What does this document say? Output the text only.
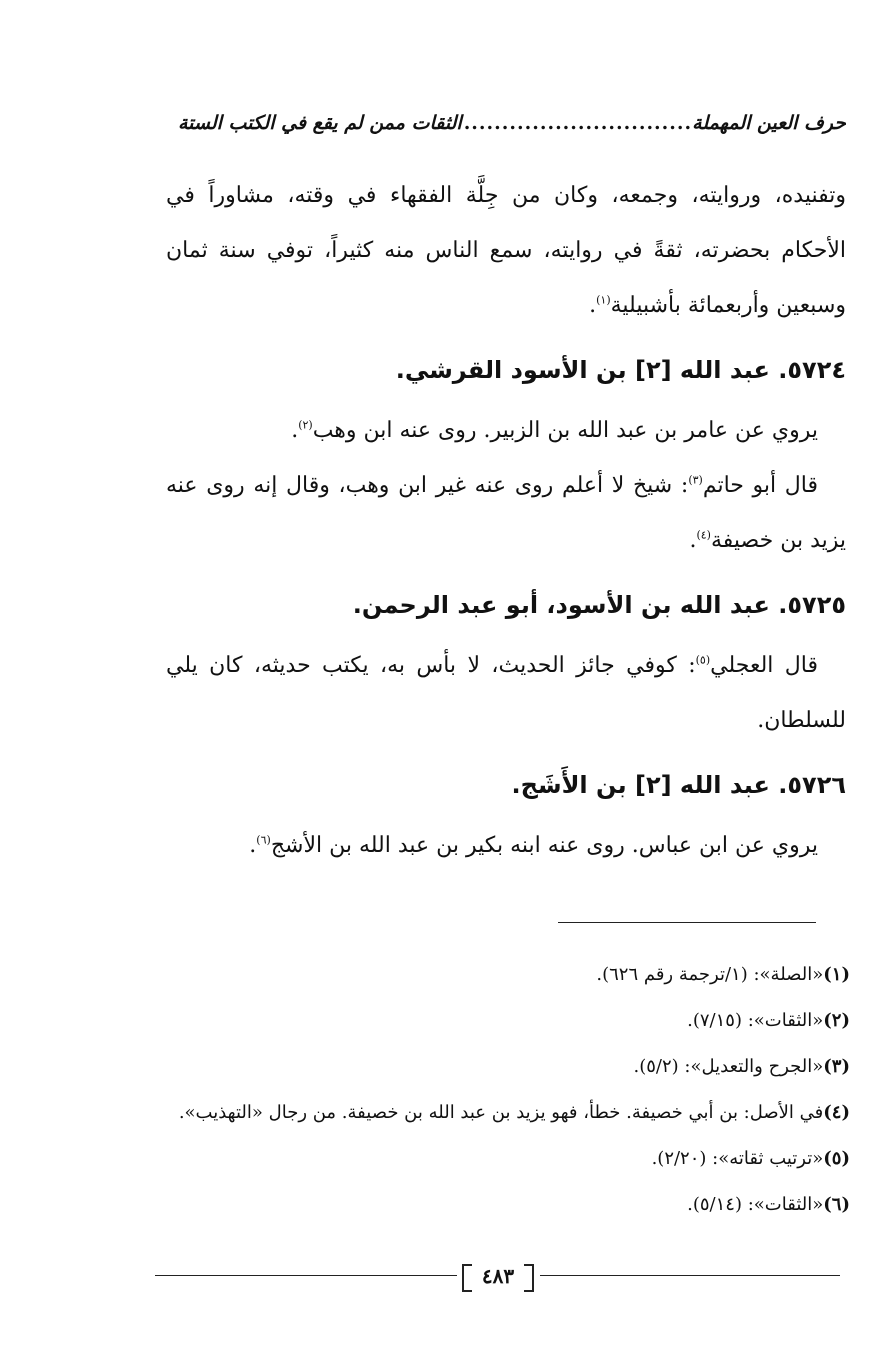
حرف العين المهملة
..............................
الثقات ممن لم يقع في الكتب الستة

وتفنيده، وروايته، وجمعه، وكان من جِلَّة الفقهاء في وقته، مشاوراً في الأحكام بحضرته، ثقةً في روايته، سمع الناس منه كثيراً، توفي سنة ثمان وسبعين وأربعمائة بأشبيلية$^{(١)}$.

٥٧٢٤. عبد الله [٢] بن الأسود القرشي.

يروي عن عامر بن عبد الله بن الزبير. روى عنه ابن وهب$^{(٢)}$.

قال أبو حاتم$^{(٣)}$: شيخ لا أعلم روى عنه غير ابن وهب، وقال إنه روى عنه يزيد بن خصيفة$^{(٤)}$.

٥٧٢٥. عبد الله بن الأسود، أبو عبد الرحمن.

قال العجلي$^{(٥)}$: كوفي جائز الحديث، لا بأس به، يكتب حديثه، كان يلي للسلطان.

٥٧٢٦. عبد الله [٢] بن الأَشَج.

يروي عن ابن عباس. روى عنه ابنه بكير بن عبد الله بن الأشج$^{(٦)}$.

(١)«الصلة»: (١/ترجمة رقم ٦٢٦).
(٢)«الثقات»: (٧/١٥).
(٣)«الجرح والتعديل»: (٥/٢).
(٤)في الأصل: بن أبي خصيفة. خطأ، فهو يزيد بن عبد الله بن خصيفة. من رجال «التهذيب».
(٥)«ترتيب ثقاته»: (٢/٢٠).
(٦)«الثقات»: (٥/١٤).
٤٨٣
